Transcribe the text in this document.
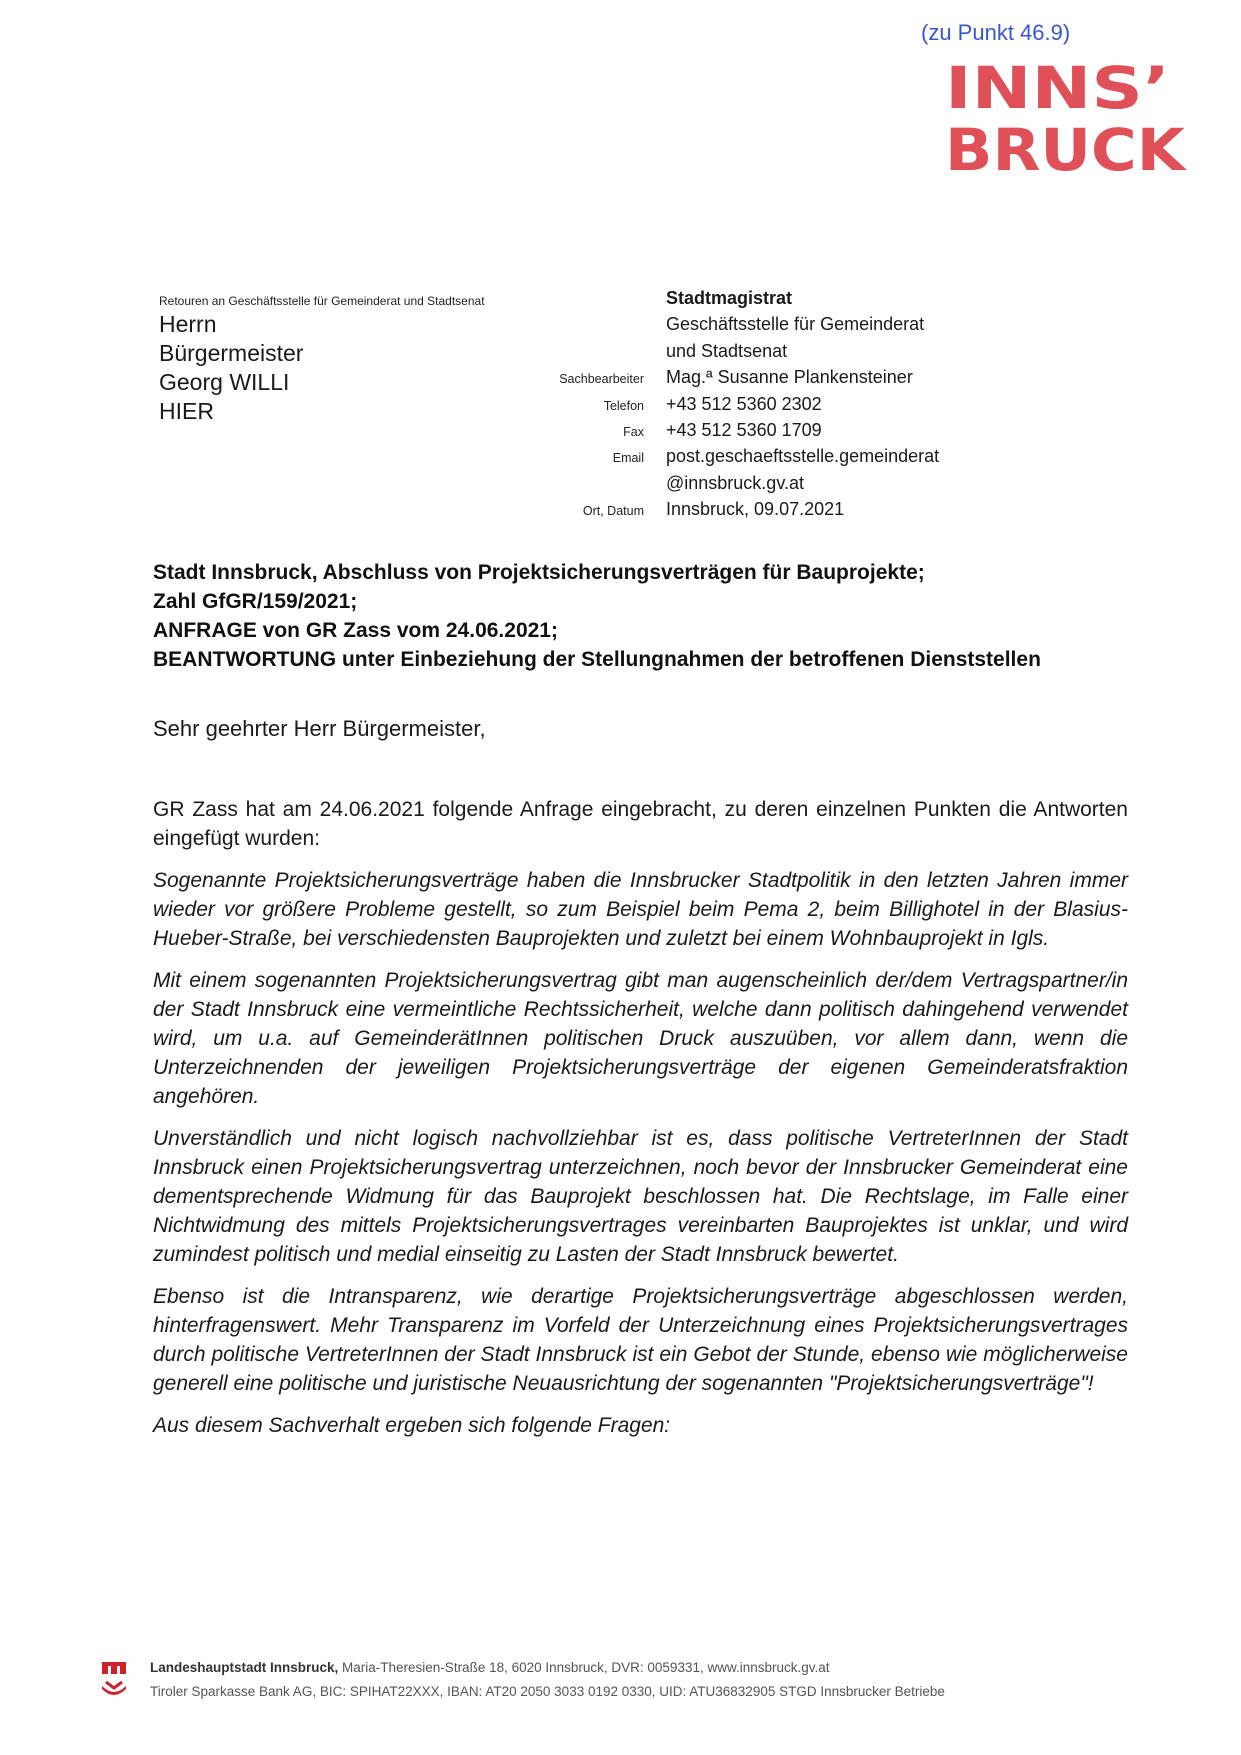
(zu Punkt 46.9)
INNS’
BRUCK
Retouren an Geschäftsstelle für Gemeinderat und Stadtsenat
Herrn
Bürgermeister
Georg WILLI
HIER
Stadtmagistrat
Geschäftsstelle für Gemeinderat
und Stadtsenat
Sachbearbeiter	Mag.ª Susanne Plankensteiner
Telefon	+43 512 5360 2302
Fax	+43 512 5360 1709
Email	post.geschaeftsstelle.gemeinderat
@innsbruck.gv.at
Ort, Datum	Innsbruck, 09.07.2021
Stadt Innsbruck, Abschluss von Projektsicherungsverträgen für Bauprojekte;
Zahl GfGR/159/2021;
ANFRAGE von GR Zass vom 24.06.2021;
BEANTWORTUNG unter Einbeziehung der Stellungnahmen der betroffenen Dienststellen
Sehr geehrter Herr Bürgermeister,

GR Zass hat am 24.06.2021 folgende Anfrage eingebracht, zu deren einzelnen Punkten die Antworten eingefügt wurden:

Sogenannte Projektsicherungsverträge haben die Innsbrucker Stadtpolitik in den letzten Jahren immer wieder vor größere Probleme gestellt, so zum Beispiel beim Pema 2, beim Billighotel in der Blasius-Hueber-Straße, bei verschiedensten Bauprojekten und zuletzt bei einem Wohnbauprojekt in Igls.

Mit einem sogenannten Projektsicherungsvertrag gibt man augenscheinlich der/dem Vertragspartner/in der Stadt Innsbruck eine vermeintliche Rechtssicherheit, welche dann politisch dahingehend verwendet wird, um u.a. auf GemeinderätInnen politischen Druck auszuüben, vor allem dann, wenn die Unterzeichnenden der jeweiligen Projektsicherungsverträge der eigenen Gemeinderatsfraktion angehören.

Unverständlich und nicht logisch nachvollziehbar ist es, dass politische VertreterInnen der Stadt Innsbruck einen Projektsicherungsvertrag unterzeichnen, noch bevor der Innsbrucker Gemeinderat eine dementsprechende Widmung für das Bauprojekt beschlossen hat. Die Rechtslage, im Falle einer Nichtwidmung des mittels Projektsicherungsvertrages vereinbarten Bauprojektes ist unklar, und wird zumindest politisch und medial einseitig zu Lasten der Stadt Innsbruck bewertet.

Ebenso ist die Intransparenz, wie derartige Projektsicherungsverträge abgeschlossen werden, hinterfragenswert. Mehr Transparenz im Vorfeld der Unterzeichnung eines Projektsicherungsvertrages durch politische VertreterInnen der Stadt Innsbruck ist ein Gebot der Stunde, ebenso wie möglicherweise generell eine politische und juristische Neuausrichtung der sogenannten "Projektsicherungsverträge"!

Aus diesem Sachverhalt ergeben sich folgende Fragen:

Landeshauptstadt Innsbruck, Maria-Theresien-Straße 18, 6020 Innsbruck, DVR: 0059331, www.innsbruck.gv.at
Tiroler Sparkasse Bank AG, BIC: SPIHAT22XXX, IBAN: AT20 2050 3033 0192 0330, UID: ATU36832905 STGD Innsbrucker Betriebe
